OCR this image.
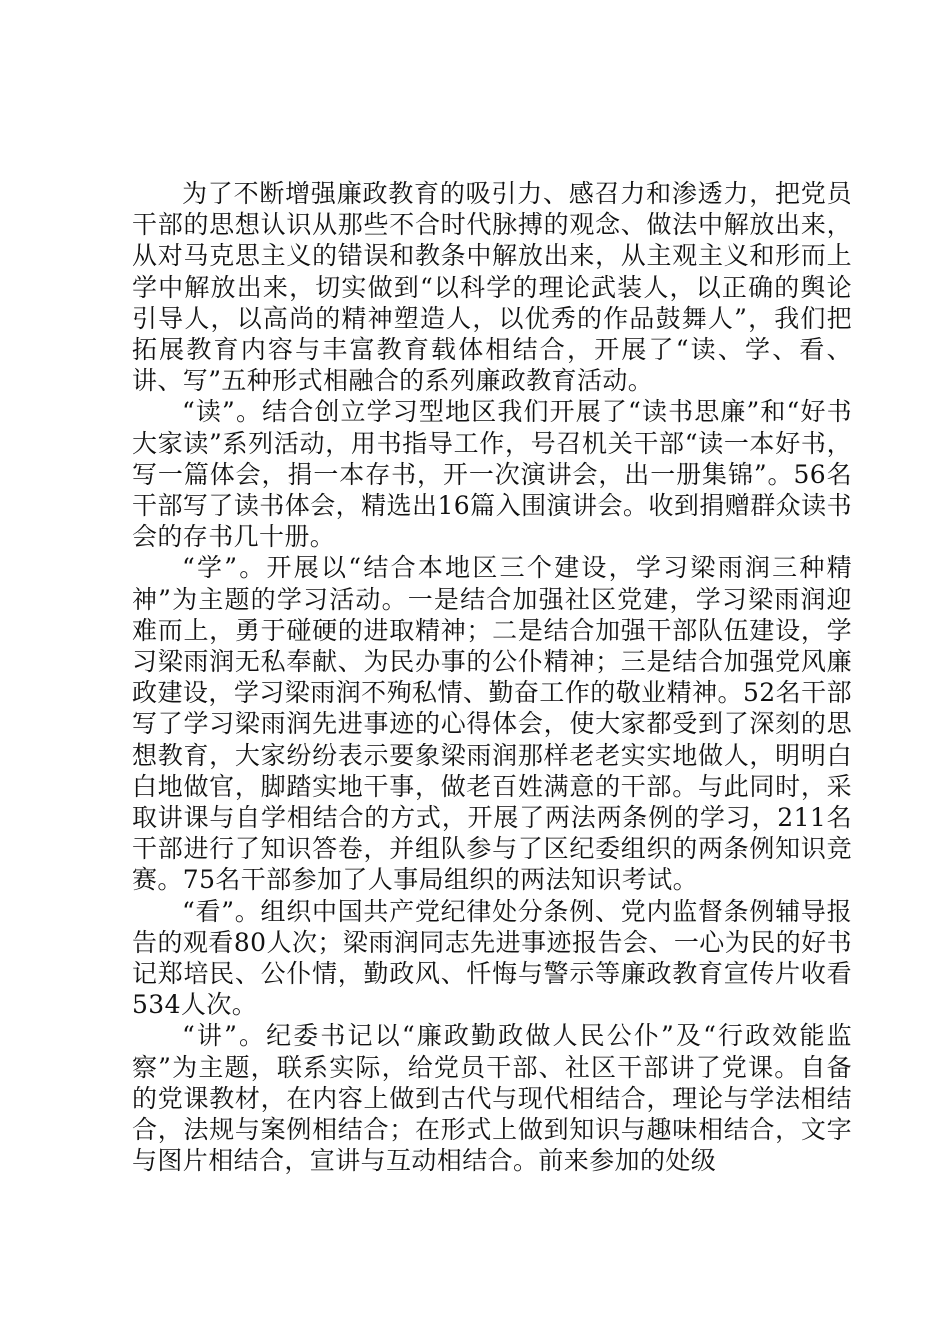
为了不断增强廉政教育的吸引力、感召力和渗透力，把党员干部的思想认识从那些不合时代脉搏的观念、做法中解放出来，从对马克思主义的错误和教条中解放出来，从主观主义和形而上学中解放出来，切实做到“以科学的理论武装人，以正确的舆论引导人，以高尚的精神塑造人，以优秀的作品鼓舞人”，我们把拓展教育内容与丰富教育载体相结合，开展了“读、学、看、讲、写”五种形式相融合的系列廉政教育活动。

“读”。结合创立学习型地区我们开展了“读书思廉”和“好书大家读”系列活动，用书指导工作，号召机关干部“读一本好书，写一篇体会，捐一本存书，开一次演讲会，出一册集锦”。56名干部写了读书体会，精选出16篇入围演讲会。收到捐赠群众读书会的存书几十册。

“学”。开展以“结合本地区三个建设，学习梁雨润三种精神”为主题的学习活动。一是结合加强社区党建，学习梁雨润迎难而上，勇于碰硬的进取精神；二是结合加强干部队伍建设，学习梁雨润无私奉献、为民办事的公仆精神；三是结合加强党风廉政建设，学习梁雨润不殉私情、勤奋工作的敬业精神。52名干部写了学习梁雨润先进事迹的心得体会，使大家都受到了深刻的思想教育，大家纷纷表示要象梁雨润那样老老实实地做人，明明白白地做官，脚踏实地干事，做老百姓满意的干部。与此同时，采取讲课与自学相结合的方式，开展了两法两条例的学习，211名干部进行了知识答卷，并组队参与了区纪委组织的两条例知识竞赛。75名干部参加了人事局组织的两法知识考试。

“看”。组织中国共产党纪律处分条例、党内监督条例辅导报告的观看80人次；梁雨润同志先进事迹报告会、一心为民的好书记郑培民、公仆情，勤政风、忏悔与警示等廉政教育宣传片收看534人次。

“讲”。纪委书记以“廉政勤政做人民公仆”及“行政效能监察”为主题，联系实际，给党员干部、社区干部讲了党课。自备的党课教材，在内容上做到古代与现代相结合，理论与学法相结合，法规与案例相结合；在形式上做到知识与趣味相结合，文字与图片相结合，宣讲与互动相结合。前来参加的处级
